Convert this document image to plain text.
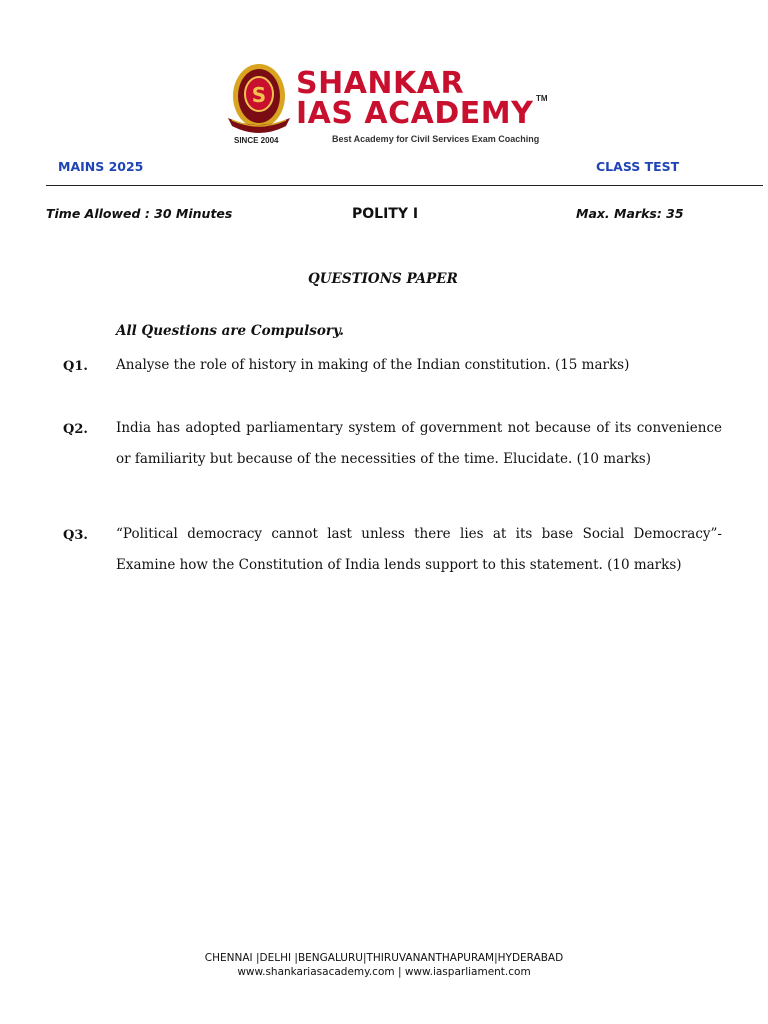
S
SINCE 2004
SHANKAR
IAS ACADEMY TM
Best Academy for Civil Services Exam Coaching
MAINS 2025	CLASS TEST
Time Allowed : 30 Minutes	POLITY I	Max. Marks: 35
QUESTIONS PAPER
All Questions are Compulsory.
Q1. Analyse the role of history in making of the Indian constitution. (15 marks)
Q2. India has adopted parliamentary system of government not because of its convenience
or familiarity but because of the necessities of the time. Elucidate. (10 marks)
Q3. “Political democracy cannot last unless there lies at its base Social Democracy”-
Examine how the Constitution of India lends support to this statement. (10 marks)
CHENNAI |DELHI |BENGALURU|THIRUVANANTHAPURAM|HYDERABAD
www.shankariasacademy.com | www.iasparliament.com
